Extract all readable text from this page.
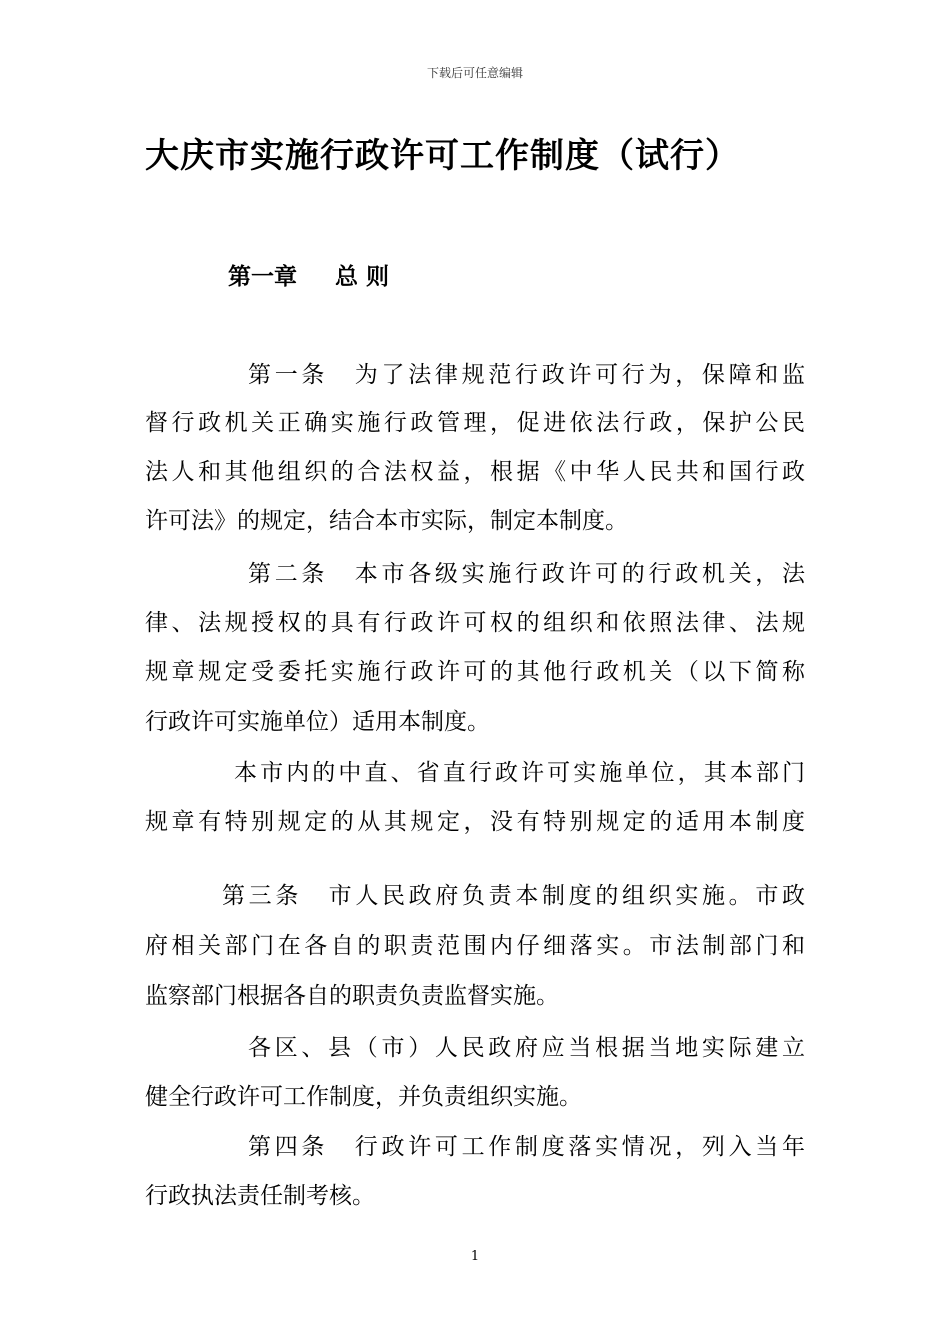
下载后可任意编辑
大庆市实施行政许可工作制度（试行）
第一章 总 则
第一条　为了法律规范行政许可行为，保障和监
督行政机关正确实施行政管理，促进依法行政，保护公民
法人和其他组织的合法权益，根据《中华人民共和国行政
许可法》的规定，结合本市实际，制定本制度。
第二条　本市各级实施行政许可的行政机关，法
律、法规授权的具有行政许可权的组织和依照法律、法规
规章规定受委托实施行政许可的其他行政机关（以下简称
行政许可实施单位）适用本制度。
本市内的中直、省直行政许可实施单位，其本部门
规章有特别规定的从其规定，没有特别规定的适用本制度
第三条　市人民政府负责本制度的组织实施。市政
府相关部门在各自的职责范围内仔细落实。市法制部门和
监察部门根据各自的职责负责监督实施。
各区、县（市）人民政府应当根据当地实际建立
健全行政许可工作制度，并负责组织实施。
第四条　行政许可工作制度落实情况，列入当年
行政执法责任制考核。
1
